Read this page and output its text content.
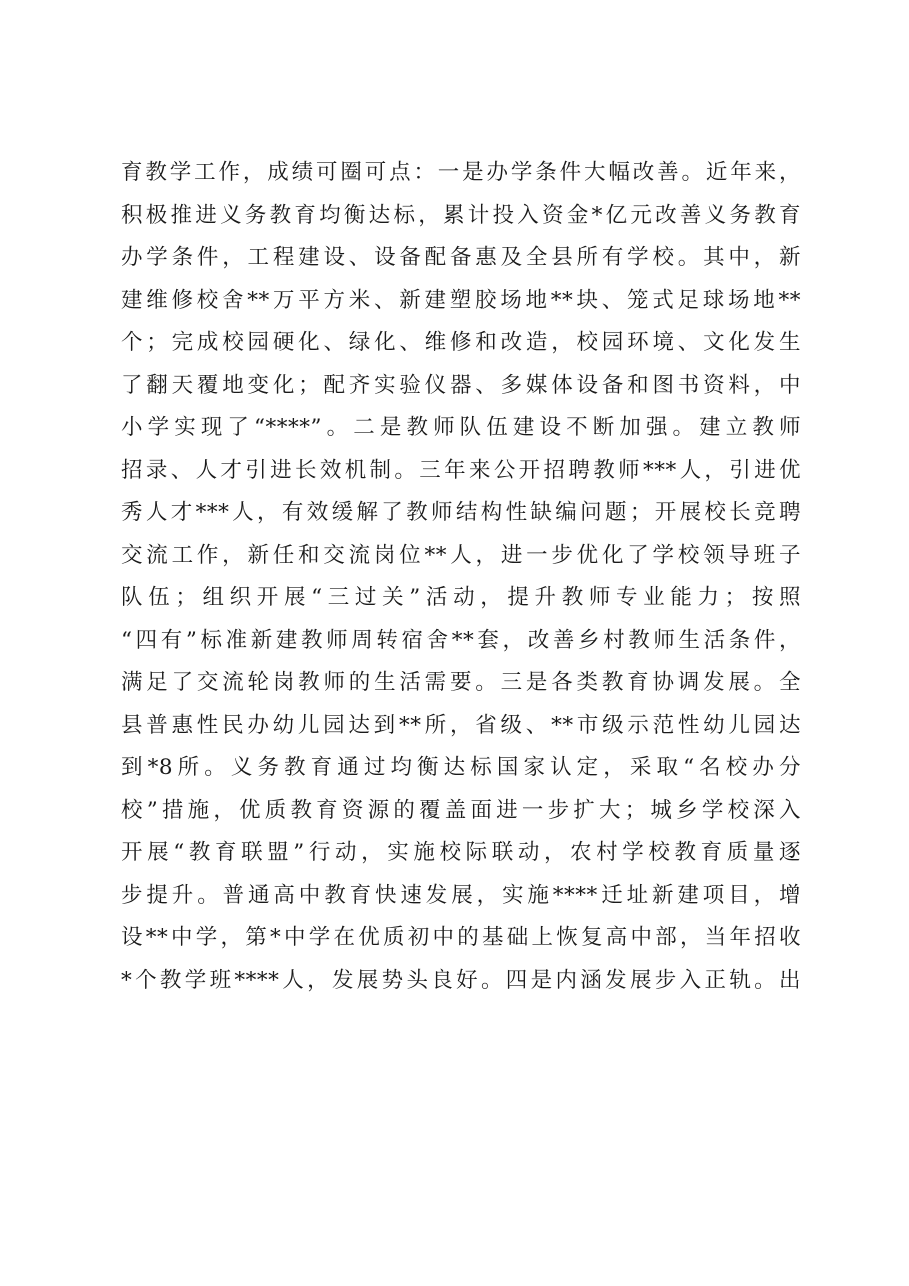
育教学工作，成绩可圈可点：一是办学条件大幅改善。近年来，
积极推进义务教育均衡达标，累计投入资金*亿元改善义务教育
办学条件，工程建设、设备配备惠及全县所有学校。其中，新
建维修校舍**万平方米、新建塑胶场地**块、笼式足球场地**
个；完成校园硬化、绿化、维修和改造，校园环境、文化发生
了翻天覆地变化；配齐实验仪器、多媒体设备和图书资料，中
小学实现了“****”。二是教师队伍建设不断加强。建立教师
招录、人才引进长效机制。三年来公开招聘教师***人，引进优
秀人才***人，有效缓解了教师结构性缺编问题；开展校长竞聘
交流工作，新任和交流岗位**人，进一步优化了学校领导班子
队伍；组织开展“三过关”活动，提升教师专业能力；按照
“四有”标准新建教师周转宿舍**套，改善乡村教师生活条件，
满足了交流轮岗教师的生活需要。三是各类教育协调发展。全
县普惠性民办幼儿园达到**所，省级、**市级示范性幼儿园达
到*8所。义务教育通过均衡达标国家认定，采取“名校办分
校”措施，优质教育资源的覆盖面进一步扩大；城乡学校深入
开展“教育联盟”行动，实施校际联动，农村学校教育质量逐
步提升。普通高中教育快速发展，实施****迁址新建项目，增
设**中学，第*中学在优质初中的基础上恢复高中部，当年招收
*个教学班****人，发展势头良好。四是内涵发展步入正轨。出
